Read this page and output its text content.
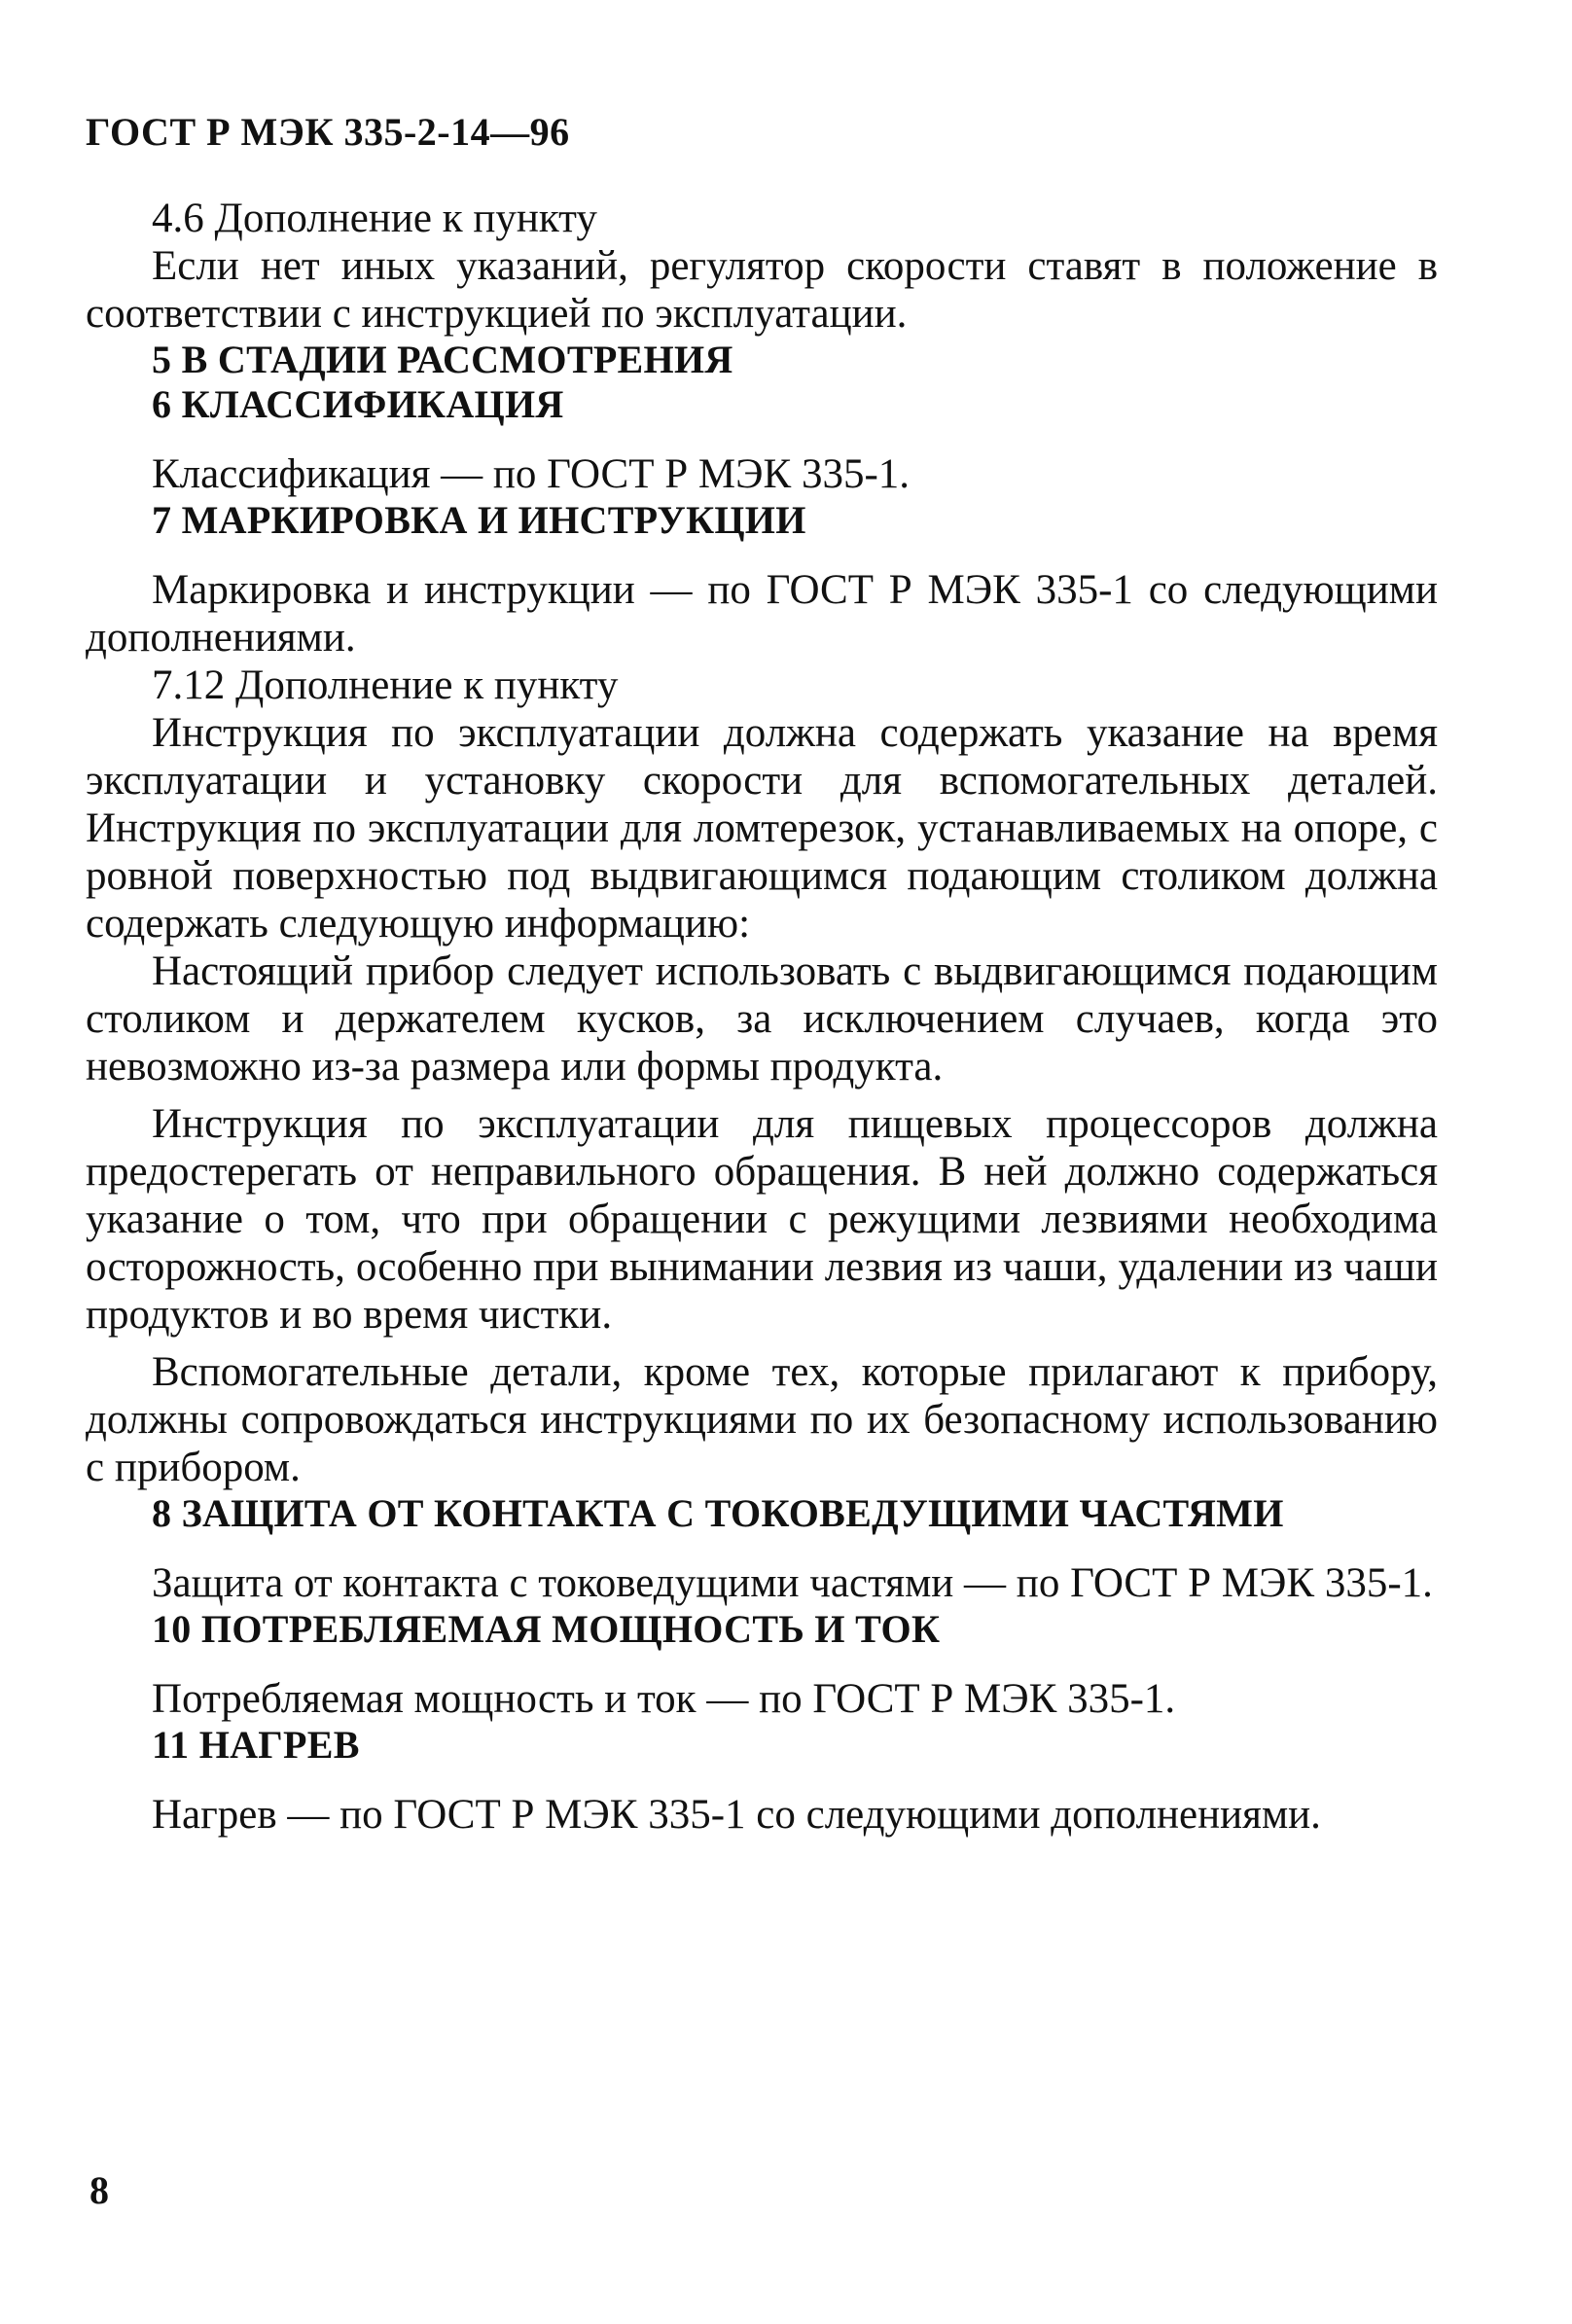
ГОСТ Р МЭК 335-2-14—96

4.6 Дополнение к пункту

Если нет иных указаний, регулятор скорости ставят в положение в соответствии с инструкцией по эксплуатации.

5 В СТАДИИ РАССМОТРЕНИЯ

6 КЛАССИФИКАЦИЯ

Классификация — по ГОСТ Р МЭК 335-1.

7 МАРКИРОВКА И ИНСТРУКЦИИ

Маркировка и инструкции — по ГОСТ Р МЭК 335-1 со следующими дополнениями.

7.12 Дополнение к пункту

Инструкция по эксплуатации должна содержать указание на время эксплуатации и установку скорости для вспомогательных деталей. Инструкция по эксплуатации для ломтерезок, устанавливаемых на опоре, с ровной поверхностью под выдвигающимся подающим столиком должна содержать следующую информацию:

Настоящий прибор следует использовать с выдвигающимся подающим столиком и держателем кусков, за исключением случаев, когда это невозможно из-за размера или формы продукта.

Инструкция по эксплуатации для пищевых процессоров должна предостерегать от неправильного обращения. В ней должно содержаться указание о том, что при обращении с режущими лезвиями необходима осторожность, особенно при вынимании лезвия из чаши, удалении из чаши продуктов и во время чистки.

Вспомогательные детали, кроме тех, которые прилагают к прибору, должны сопровождаться инструкциями по их безопасному использованию с прибором.

8 ЗАЩИТА ОТ КОНТАКТА С ТОКОВЕДУЩИМИ ЧАСТЯМИ

Защита от контакта с токоведущими частями — по ГОСТ Р МЭК 335-1.

10 ПОТРЕБЛЯЕМАЯ МОЩНОСТЬ И ТОК

Потребляемая мощность и ток — по ГОСТ Р МЭК 335-1.

11 НАГРЕВ

Нагрев — по ГОСТ Р МЭК 335-1 со следующими дополнениями.

8
